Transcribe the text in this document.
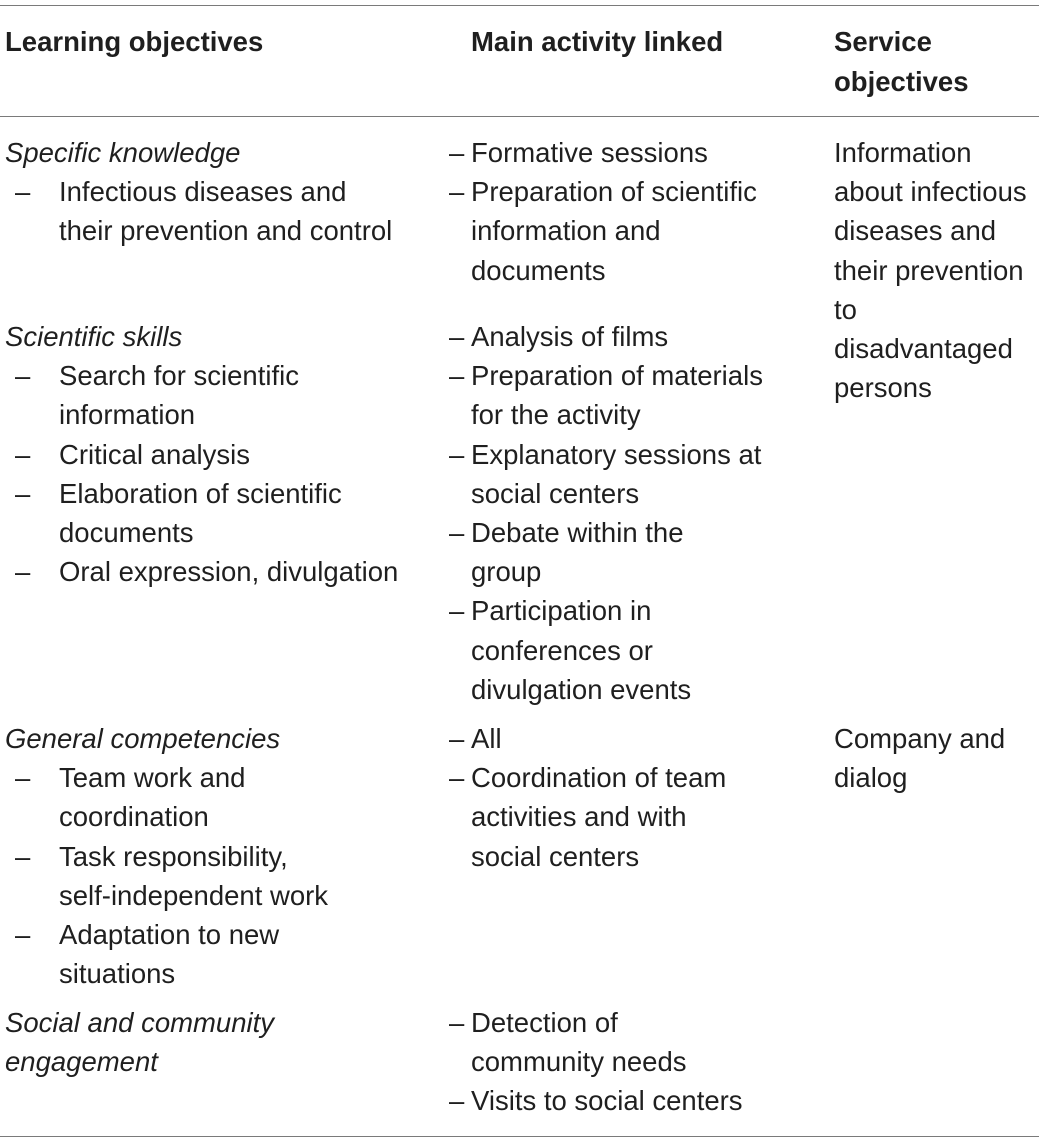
Learning objectives	Main activity linked	Service
objectives
Specific knowledge
– Infectious diseases and
their prevention and control
– Formative sessions
– Preparation of scientific
information and
documents
Information
about infectious
diseases and
their prevention
to
disadvantaged
persons
Scientific skills
– Search for scientific
information
– Critical analysis
– Elaboration of scientific
documents
– Oral expression, divulgation
– Analysis of films
– Preparation of materials
for the activity
– Explanatory sessions at
social centers
– Debate within the
group
– Participation in
conferences or
divulgation events
General competencies
– Team work and
coordination
– Task responsibility,
self-independent work
– Adaptation to new
situations
– All
– Coordination of team
activities and with
social centers
Company and
dialog
Social and community
engagement
– Detection of
community needs
– Visits to social centers
